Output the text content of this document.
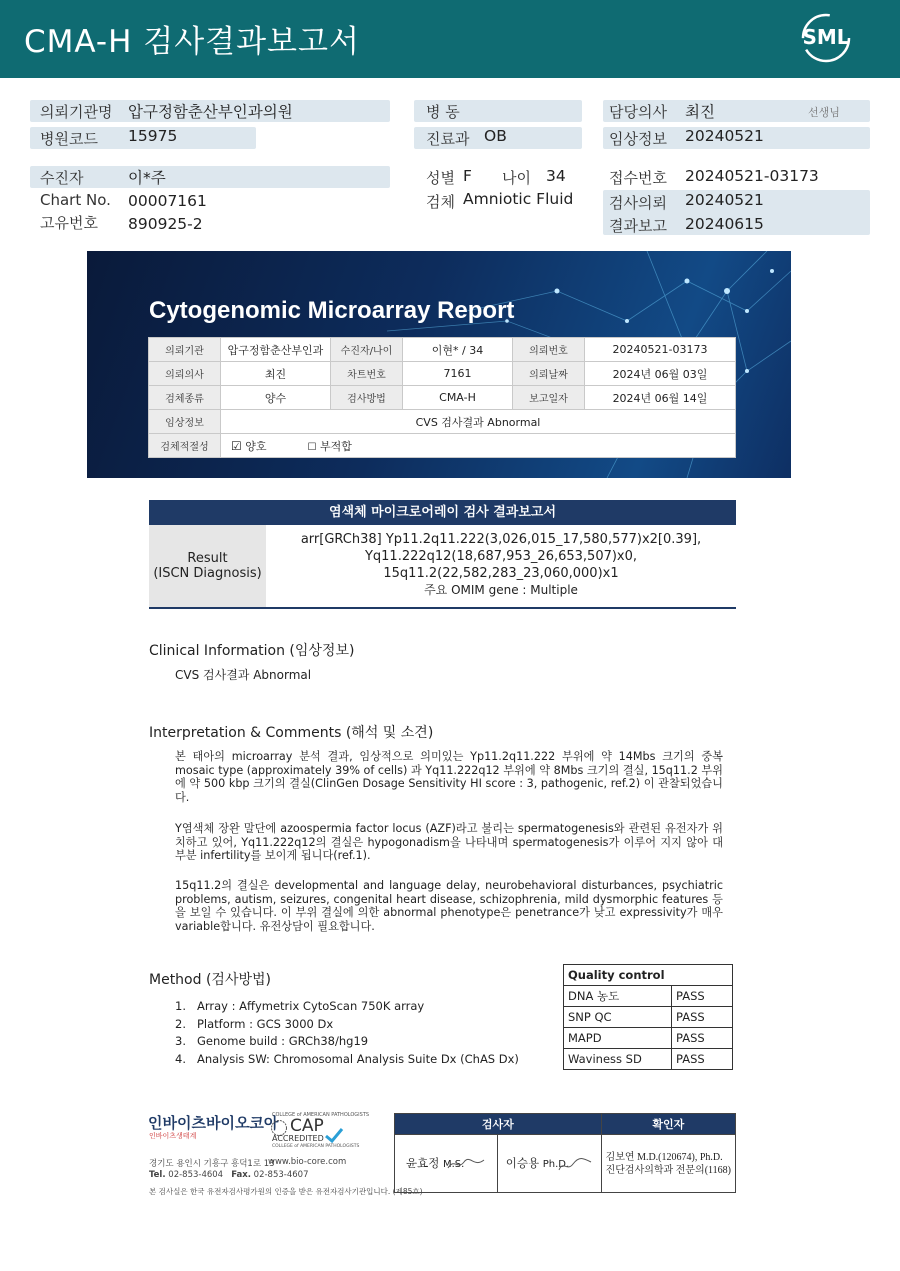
CMA-H 검사결과보고서	SML
의뢰기관명 압구정함춘산부인과의원
병원코드 15975
수진자	이*주
Chart No. 00007161
고유번호 890925-2
병 동
진료과 OB
성별 F 나이 34
검체 Amniotic Fluid
담당의사 최진	선생님
임상정보 20240521
접수번호 20240521-03173
검사의뢰 20240521
결과보고 20240615
Cytogenomic Microarray Report
의뢰기관	압구정함춘산부인과	수진자/나이	이현* / 34	의뢰번호	20240521-03173
의뢰의사	최진	차트번호	7161	의뢰날짜	2024년 06월 03일
검체종류	양수	검사방법	CMA-H	보고일자	2024년 06월 14일
임상정보	CVS 검사결과 Abnormal				
검체적절성	☑ 양호 ☐ 부적합				
염색체 마이크로어레이 검사 결과보고서
Result
(ISCN Diagnosis)
arr[GRCh38] Yp11.2q11.222(3,026,015_17,580,577)x2[0.39],
Yq11.222q12(18,687,953_26,653,507)x0,
15q11.2(22,582,283_23,060,000)x1
주요 OMIM gene : Multiple
Clinical Information (임상정보)
CVS 검사결과 Abnormal
Interpretation & Comments (해석 및 소견)
본 태아의 microarray 분석 결과, 임상적으로 의미있는 Yp11.2q11.222 부위에 약 14Mbs 크기의 중복 mosaic type (approximately 39% of cells) 과 Yq11.222q12 부위에 약 8Mbs 크기의 결실, 15q11.2 부위에 약 500 kbp 크기의 결실(ClinGen Dosage Sensitivity HI score : 3, pathogenic, ref.2) 이 관찰되었습니다.
Y염색체 장완 말단에 azoospermia factor locus (AZF)라고 불리는 spermatogenesis와 관련된 유전자가 위치하고 있어, Yq11.222q12의 결실은 hypogonadism을 나타내며 spermatogenesis가 이루어 지지 않아 대부분 infertility를 보이게 됩니다(ref.1).
15q11.2의 결실은 developmental and language delay, neurobehavioral disturbances, psychiatric problems, autism, seizures, congenital heart disease, schizophrenia, mild dysmorphic features 등을 보일 수 있습니다. 이 부위 결실에 의한 abnormal phenotype은 penetrance가 낮고 expressivity가 매우 variable합니다. 유전상담이 필요합니다.
Method (검사방법)
1. Array : Affymetrix CytoScan 750K array
2. Platform : GCS 3000 Dx
3. Genome build : GRCh38/hg19
4. Analysis SW: Chromosomal Analysis Suite Dx (ChAS Dx)
Quality control	
DNA 농도	PASS
SNP QC	PASS
MAPD	PASS
Waviness SD	PASS
인바이츠바이오코아
인바이츠생태계
COLLEGE of AMERICAN PATHOLOGISTS
CAP
ACCREDITED
COLLEGE of AMERICAN PATHOLOGISTS
경기도 용인시 기흥구 흥덕1로 13
www.bio-core.com
Tel. 02-853-4604 Fax. 02-853-4607
본 검사실은 한국 유전자검사평가원의 인증을 받은 유전자검사기관입니다. (제85호)
검사자		확인자
윤효정 M.S.	이승용 Ph.D.	김보연 M.D.(120674), Ph.D.
진단검사의학과 전문의(1168)
